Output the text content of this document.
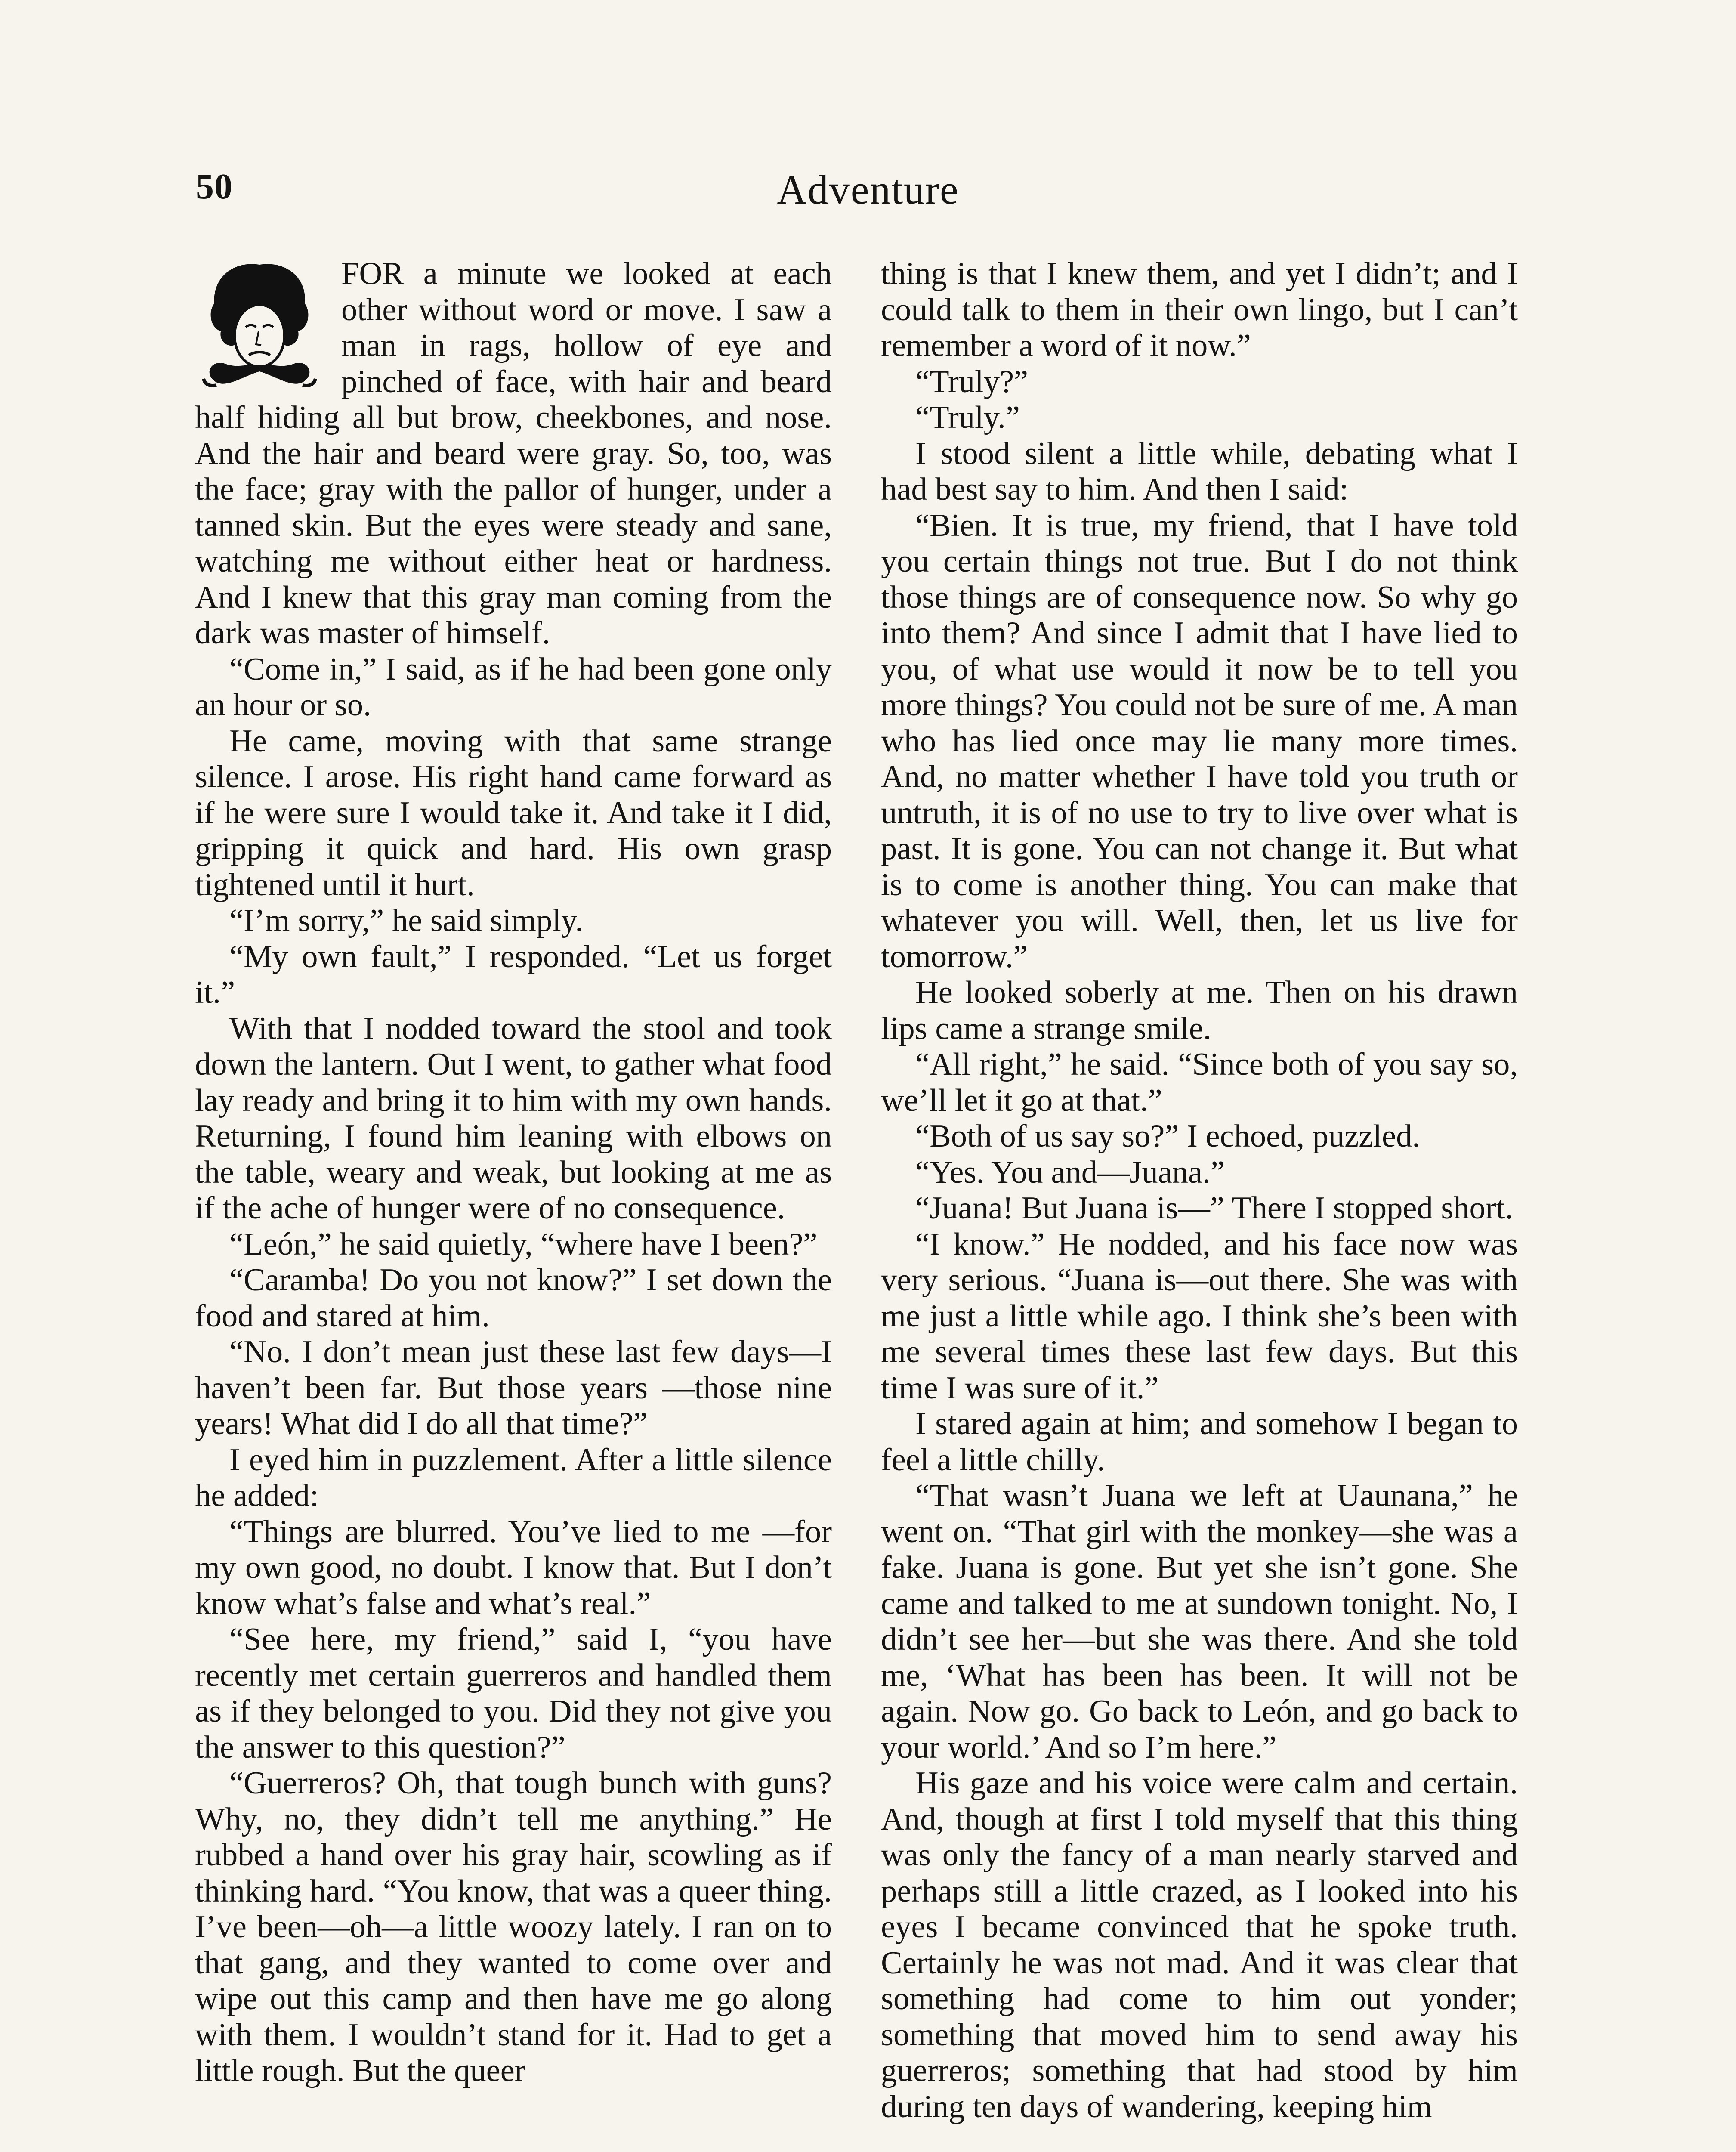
50	Adventure

FOR a minute we looked at each other without word or move. I saw a man in rags, hollow of eye and pinched of face, with hair and beard half hiding all but brow, cheekbones, and nose. And the hair and beard were gray. So, too, was the face; gray with the pallor of hunger, under a tanned skin. But the eyes were steady and sane, watching me without either heat or hardness. And I knew that this gray man coming from the dark was master of himself.

“Come in,” I said, as if he had been gone only an hour or so.

He came, moving with that same strange silence. I arose. His right hand came forward as if he were sure I would take it. And take it I did, gripping it quick and hard. His own grasp tightened until it hurt.

“I’m sorry,” he said simply.

“My own fault,” I responded. “Let us forget it.”

With that I nodded toward the stool and took down the lantern. Out I went, to gather what food lay ready and bring it to him with my own hands. Returning, I found him leaning with elbows on the table, weary and weak, but looking at me as if the ache of hunger were of no consequence.

“León,” he said quietly, “where have I been?”

“Caramba! Do you not know?” I set down the food and stared at him.

“No. I don’t mean just these last few days—I haven’t been far. But those years —those nine years! What did I do all that time?”

I eyed him in puzzlement. After a little silence he added:

“Things are blurred. You’ve lied to me —for my own good, no doubt. I know that. But I don’t know what’s false and what’s real.”

“See here, my friend,” said I, “you have recently met certain guerreros and handled them as if they belonged to you. Did they not give you the answer to this question?”

“Guerreros? Oh, that tough bunch with guns? Why, no, they didn’t tell me anything.” He rubbed a hand over his gray hair, scowling as if thinking hard. “You know, that was a queer thing. I’ve been—oh—a little woozy lately. I ran on to that gang, and they wanted to come over and wipe out this camp and then have me go along with them. I wouldn’t stand for it. Had to get a little rough. But the queer

thing is that I knew them, and yet I didn’t; and I could talk to them in their own lingo, but I can’t remember a word of it now.”

“Truly?”

“Truly.”

I stood silent a little while, debating what I had best say to him. And then I said:

“Bien. It is true, my friend, that I have told you certain things not true. But I do not think those things are of consequence now. So why go into them? And since I admit that I have lied to you, of what use would it now be to tell you more things? You could not be sure of me. A man who has lied once may lie many more times. And, no matter whether I have told you truth or untruth, it is of no use to try to live over what is past. It is gone. You can not change it. But what is to come is another thing. You can make that whatever you will. Well, then, let us live for tomorrow.”

He looked soberly at me. Then on his drawn lips came a strange smile.

“All right,” he said. “Since both of you say so, we’ll let it go at that.”

“Both of us say so?” I echoed, puzzled.

“Yes. You and—Juana.”

“Juana! But Juana is—” There I stopped short.

“I know.” He nodded, and his face now was very serious. “Juana is—out there. She was with me just a little while ago. I think she’s been with me several times these last few days. But this time I was sure of it.”

I stared again at him; and somehow I began to feel a little chilly.

“That wasn’t Juana we left at Uaunana,” he went on. “That girl with the monkey—she was a fake. Juana is gone. But yet she isn’t gone. She came and talked to me at sundown tonight. No, I didn’t see her—but she was there. And she told me, ‘What has been has been. It will not be again. Now go. Go back to León, and go back to your world.’ And so I’m here.”

His gaze and his voice were calm and certain. And, though at first I told myself that this thing was only the fancy of a man nearly starved and perhaps still a little crazed, as I looked into his eyes I became convinced that he spoke truth. Certainly he was not mad. And it was clear that something had come to him out yonder; something that moved him to send away his guerreros; something that had stood by him during ten days of wandering, keeping him
